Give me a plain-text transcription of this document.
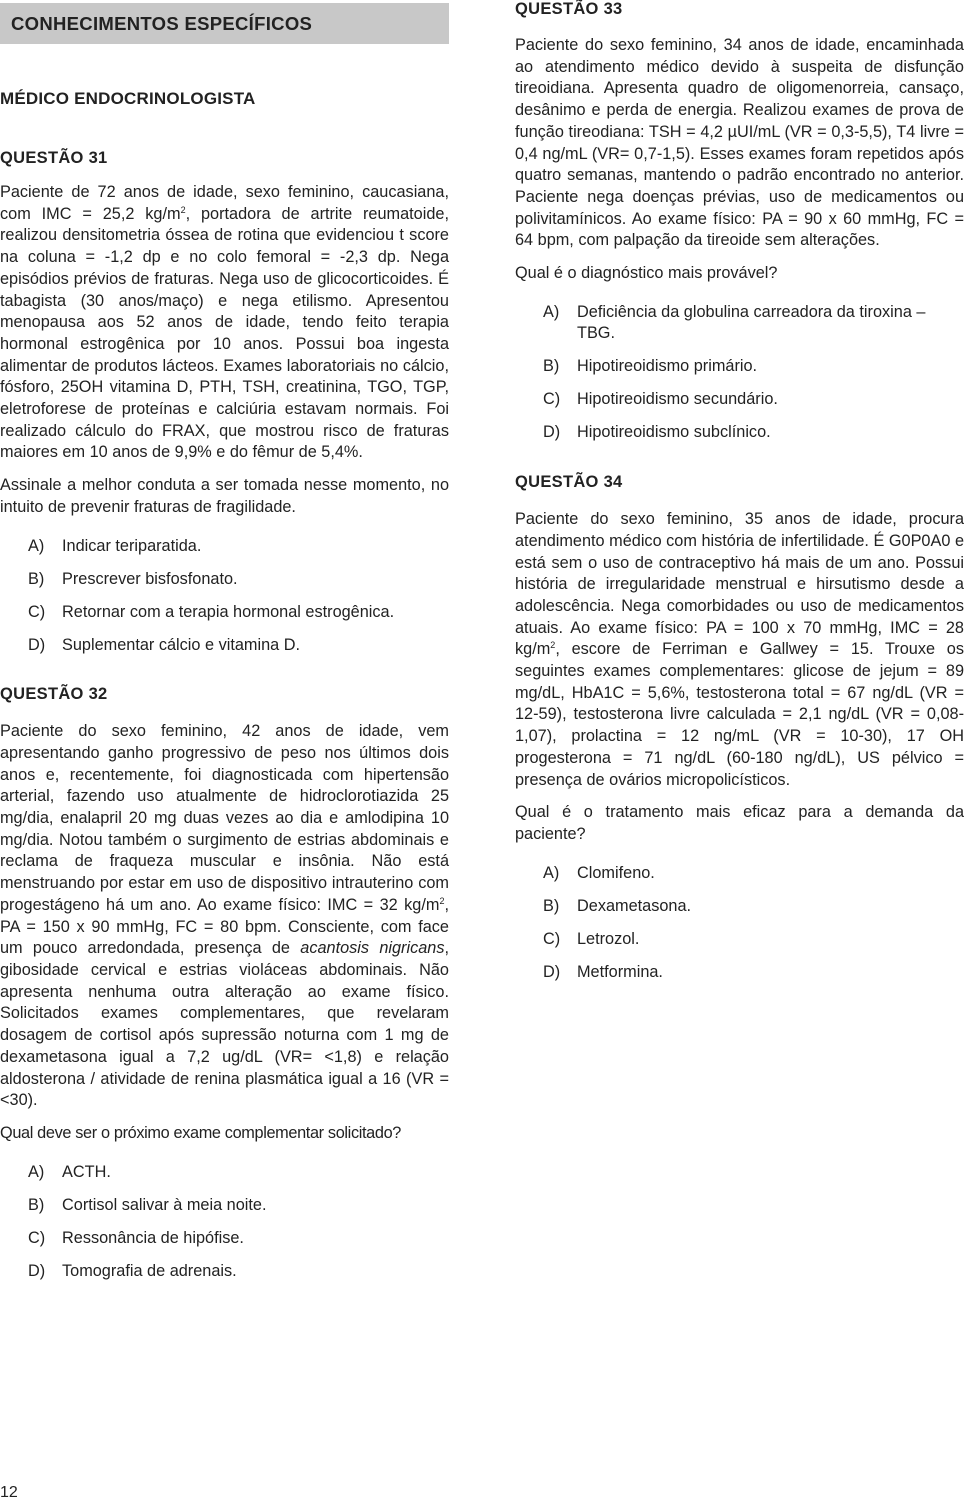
CONHECIMENTOS ESPECÍFICOS
MÉDICO ENDOCRINOLOGISTA
QUESTÃO 31

Paciente de 72 anos de idade, sexo feminino, caucasiana, com IMC = 25,2 $kg/m^2$, portadora de artrite reumatoide, realizou densitometria óssea de rotina que evidenciou t score na coluna = -1,2 dp e no colo femoral = -2,3 dp. Nega episódios prévios de fraturas. Nega uso de glicocorticoides. É tabagista (30 anos/maço) e nega etilismo. Apresentou menopausa aos 52 anos de idade, tendo feito terapia hormonal estrogênica por 10 anos. Possui boa ingesta alimentar de produtos lácteos. Exames laboratoriais no cálcio, fósforo, 25OH vitamina D, PTH, TSH, creatinina, TGO, TGP, eletroforese de proteínas e calciúria estavam normais. Foi realizado cálculo do FRAX, que mostrou risco de fraturas maiores em 10 anos de 9,9% e do fêmur de 5,4%.

Assinale a melhor conduta a ser tomada nesse momento, no intuito de prevenir fraturas de fragilidade.

A)	Indicar teriparatida.
B)	Prescrever bisfosfonato.
C)	Retornar com a terapia hormonal estrogênica.
D)	Suplementar cálcio e vitamina D.
QUESTÃO 32

Paciente do sexo feminino, 42 anos de idade, vem apresentando ganho progressivo de peso nos últimos dois anos e, recentemente, foi diagnosticada com hipertensão arterial, fazendo uso atualmente de hidroclorotiazida 25 mg/dia, enalapril 20 mg duas vezes ao dia e amlodipina 10 mg/dia. Notou também o surgimento de estrias abdominais e reclama de fraqueza muscular e insônia. Não está menstruando por estar em uso de dispositivo intrauterino com progestágeno há um ano. Ao exame físico: IMC = 32 $kg/m^2$, PA = 150 x 90 mmHg, FC = 80 bpm. Consciente, com face um pouco arredondada, presença de acantosis nigricans, gibosidade cervical e estrias violáceas abdominais. Não apresenta nenhuma outra alteração ao exame físico. Solicitados exames complementares, que revelaram dosagem de cortisol após supressão noturna com 1 mg de dexametasona igual a 7,2 ug/dL (VR= <1,8) e relação aldosterona / atividade de renina plasmática igual a 16 (VR = <30).

Qual deve ser o próximo exame complementar solicitado?

A)	ACTH.
B)	Cortisol salivar à meia noite.
C)	Ressonância de hipófise.
D)	Tomografia de adrenais.
QUESTÃO 33

Paciente do sexo feminino, 34 anos de idade, encaminhada ao atendimento médico devido à suspeita de disfunção tireoidiana. Apresenta quadro de oligomenorreia, cansaço, desânimo e perda de energia. Realizou exames de prova de função tireodiana: TSH = 4,2 µUI/mL (VR = 0,3-5,5), T4 livre = 0,4 ng/mL (VR= 0,7-1,5). Esses exames foram repetidos após quatro semanas, mantendo o padrão encontrado no anterior. Paciente nega doenças prévias, uso de medicamentos ou polivitamínicos. Ao exame físico: PA = 90 x 60 mmHg, FC = 64 bpm, com palpação da tireoide sem alterações.

Qual é o diagnóstico mais provável?

A)	Deficiência da globulina carreadora da tiroxina – TBG.
B)	Hipotireoidismo primário.
C)	Hipotireoidismo secundário.
D)	Hipotireoidismo subclínico.
QUESTÃO 34

Paciente do sexo feminino, 35 anos de idade, procura atendimento médico com história de infertilidade. É G0P0A0 e está sem o uso de contraceptivo há mais de um ano. Possui história de irregularidade menstrual e hirsutismo desde a adolescência. Nega comorbidades ou uso de medicamentos atuais. Ao exame físico: PA = 100 x 70 mmHg, IMC = 28 $kg/m^2$, escore de Ferriman e Gallwey = 15. Trouxe os seguintes exames complementares: glicose de jejum = 89 mg/dL, HbA1C = 5,6%, testosterona total = 67 ng/dL (VR = 12-59), testosterona livre calculada = 2,1 ng/dL (VR = 0,08-1,07), prolactina = 12 ng/mL (VR = 10-30), 17 OH progesterona = 71 ng/dL (60-180 ng/dL), US pélvico = presença de ovários micropolicísticos.

Qual é o tratamento mais eficaz para a demanda da paciente?

A)	Clomifeno.
B)	Dexametasona.
C)	Letrozol.
D)	Metformina.
12
